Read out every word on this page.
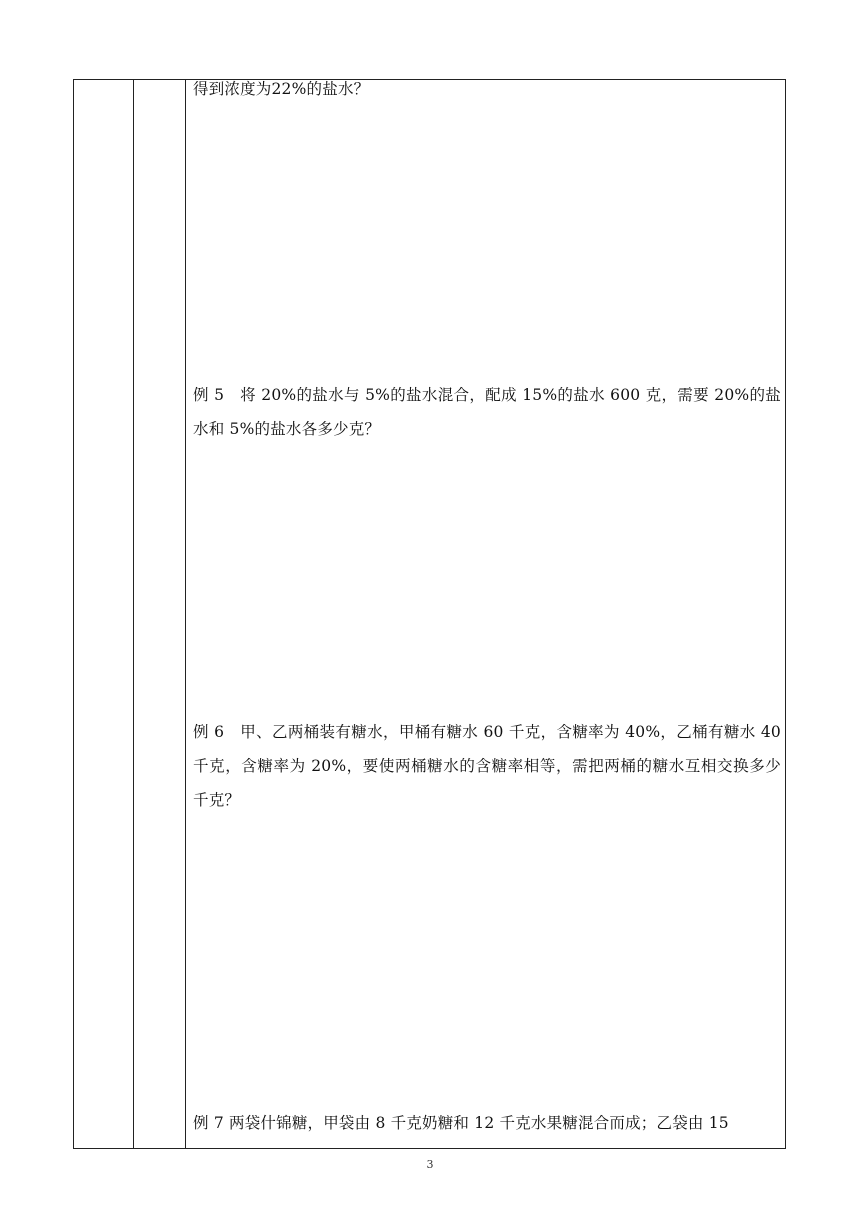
得到浓度为22%的盐水？

例 5　将 20%的盐水与 5%的盐水混合，配成 15%的盐水 600 克，需要 20%的盐水和 5%的盐水各多少克？

例 6　甲、乙两桶装有糖水，甲桶有糖水 60 千克，含糖率为 40%，乙桶有糖水 40 千克，含糖率为 20%，要使两桶糖水的含糖率相等，需把两桶的糖水互相交换多少千克？

例 7 两袋什锦糖，甲袋由 8 千克奶糖和 12 千克水果糖混合而成；乙袋由 15

3
